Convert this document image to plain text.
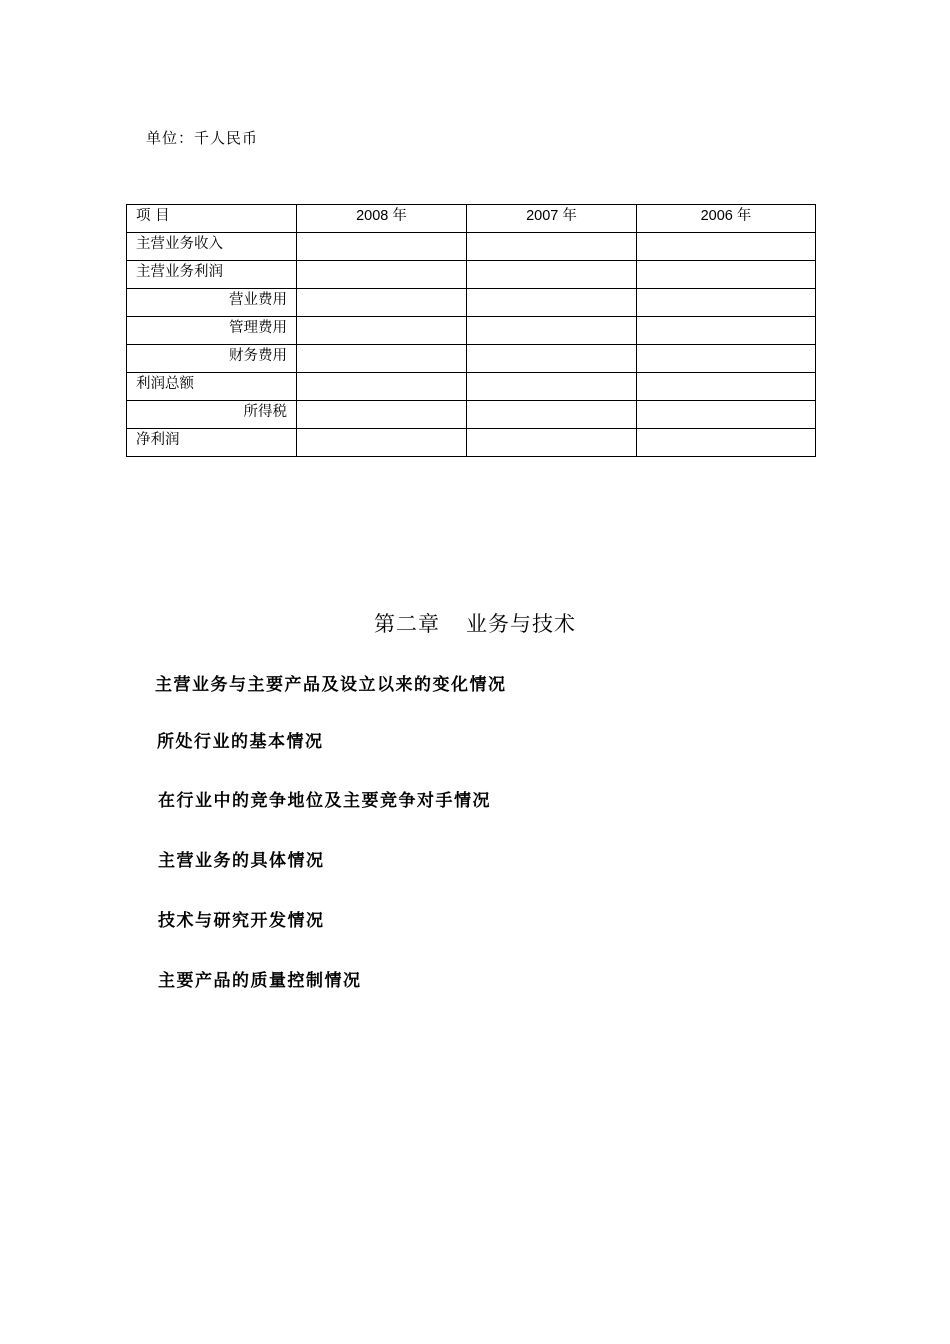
单位：千人民币
项 目	2008 年	2007 年	2006 年
主营业务收入			
主营业务利润			
营业费用			
管理费用			
财务费用			
利润总额			
所得税			
净利润			
第二章 业务与技术
主营业务与主要产品及设立以来的变化情况
所处行业的基本情况
在行业中的竞争地位及主要竞争对手情况
主营业务的具体情况
技术与研究开发情况
主要产品的质量控制情况
